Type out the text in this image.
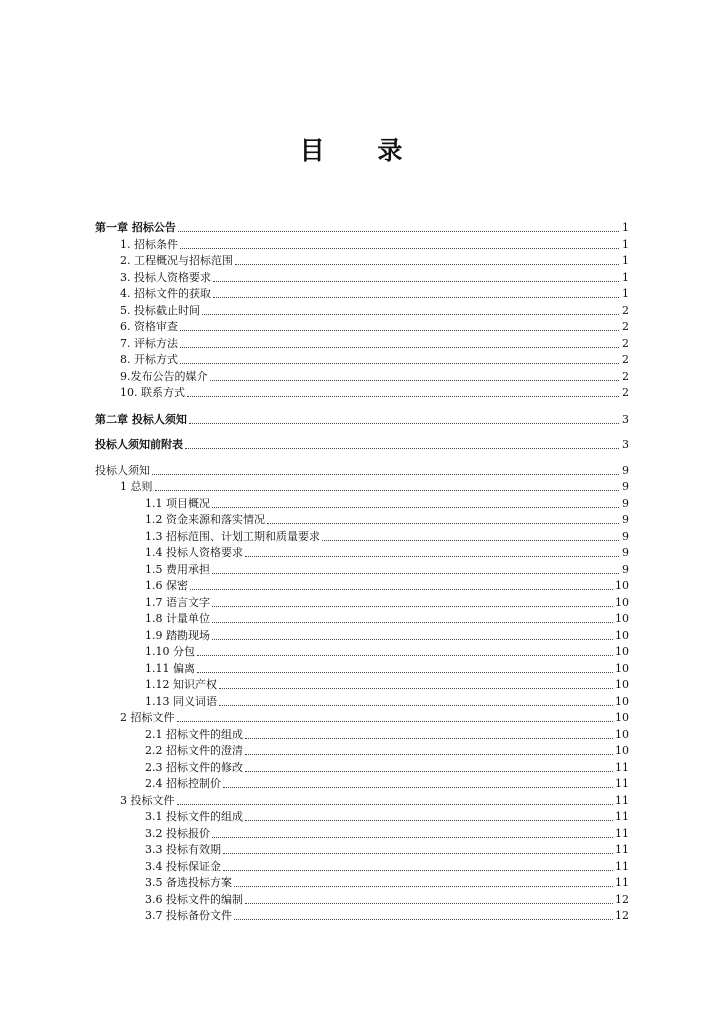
目 录
第一章 招标公告	1
1. 招标条件	1
2. 工程概况与招标范围	1
3. 投标人资格要求	1
4. 招标文件的获取	1
5. 投标截止时间	2
6. 资格审查	2
7. 评标方法	2
8. 开标方式	2
9.发布公告的媒介	2
10. 联系方式	2
第二章 投标人须知	3
投标人须知前附表	3
投标人须知	9
1 总则	9
1.1 项目概况	9
1.2 资金来源和落实情况	9
1.3 招标范围、计划工期和质量要求	9
1.4 投标人资格要求	9
1.5 费用承担	9
1.6 保密	10
1.7 语言文字	10
1.8 计量单位	10
1.9 踏勘现场	10
1.10 分包	10
1.11 偏离	10
1.12 知识产权	10
1.13 同义词语	10
2 招标文件	10
2.1 招标文件的组成	10
2.2 招标文件的澄清	10
2.3 招标文件的修改	11
2.4 招标控制价	11
3 投标文件	11
3.1 投标文件的组成	11
3.2 投标报价	11
3.3 投标有效期	11
3.4 投标保证金	11
3.5 备选投标方案	11
3.6 投标文件的编制	12
3.7 投标备份文件	12
